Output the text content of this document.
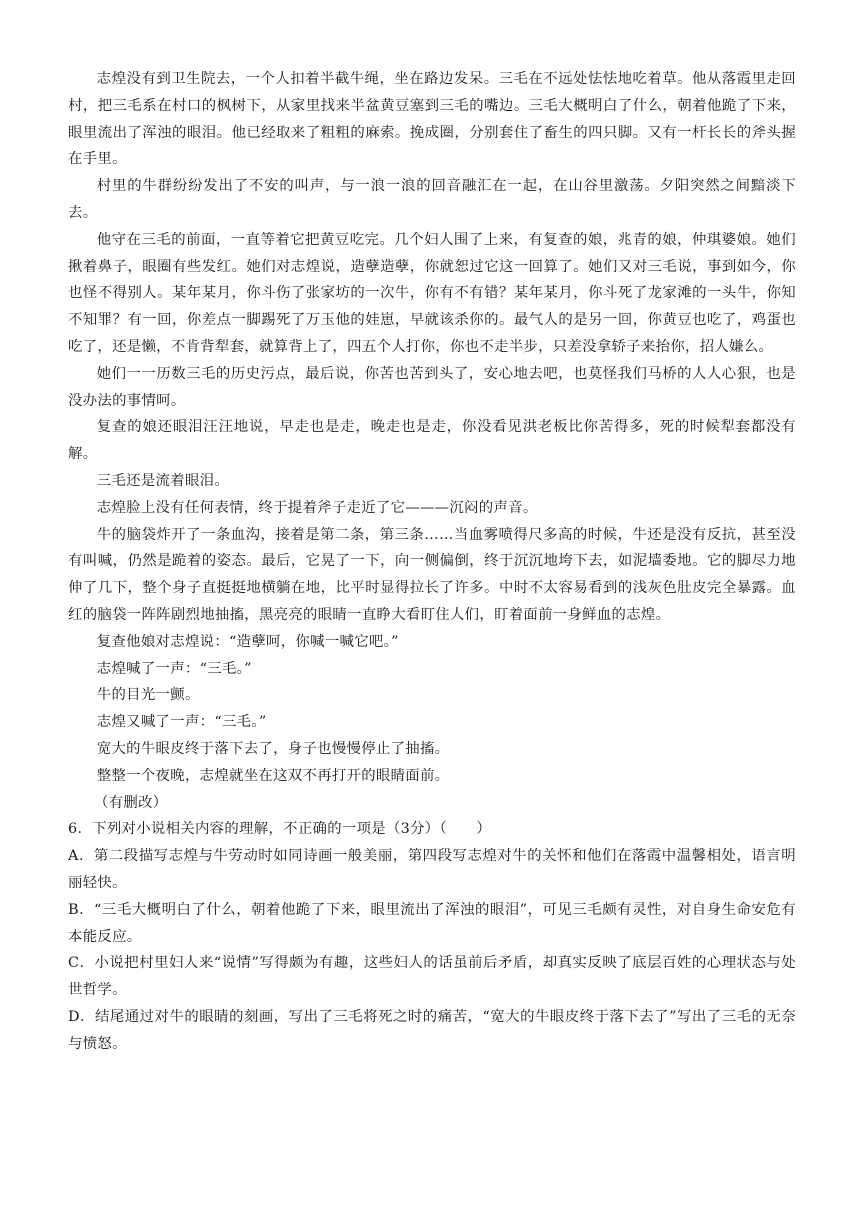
志煌没有到卫生院去，一个人扣着半截牛绳，坐在路边发呆。三毛在不远处怯怯地吃着草。他从落霞里走回村，把三毛系在村口的枫树下，从家里找来半盆黄豆塞到三毛的嘴边。三毛大概明白了什么，朝着他跪了下来，眼里流出了浑浊的眼泪。他已经取来了粗粗的麻索。挽成圈，分别套住了畜生的四只脚。又有一杆长长的斧头握在手里。

村里的牛群纷纷发出了不安的叫声，与一浪一浪的回音融汇在一起，在山谷里激荡。夕阳突然之间黯淡下去。

他守在三毛的前面，一直等着它把黄豆吃完。几个妇人围了上来，有复查的娘，兆青的娘，仲琪婆娘。她们揪着鼻子，眼圈有些发红。她们对志煌说，造孽造孽，你就恕过它这一回算了。她们又对三毛说，事到如今，你也怪不得别人。某年某月，你斗伤了张家坊的一次牛，你有不有错？某年某月，你斗死了龙家滩的一头牛，你知不知罪？有一回，你差点一脚踢死了万玉他的娃崽，早就该杀你的。最气人的是另一回，你黄豆也吃了，鸡蛋也吃了，还是懒，不肯背犁套，就算背上了，四五个人打你，你也不走半步，只差没拿轿子来抬你，招人嫌么。

她们一一历数三毛的历史污点，最后说，你苦也苦到头了，安心地去吧，也莫怪我们马桥的人人心狠，也是没办法的事情呵。

复查的娘还眼泪汪汪地说，早走也是走，晚走也是走，你没看见洪老板比你苦得多，死的时候犁套都没有解。

三毛还是流着眼泪。

志煌脸上没有任何表情，终于提着斧子走近了它———沉闷的声音。

牛的脑袋炸开了一条血沟，接着是第二条，第三条……当血雾喷得尺多高的时候，牛还是没有反抗，甚至没有叫喊，仍然是跪着的姿态。最后，它晃了一下，向一侧偏倒，终于沉沉地垮下去，如泥墙委地。它的脚尽力地伸了几下，整个身子直挺挺地横躺在地，比平时显得拉长了许多。中时不太容易看到的浅灰色肚皮完全暴露。血红的脑袋一阵阵剧烈地抽搐，黑亮亮的眼睛一直睁大看盯住人们，盯着面前一身鲜血的志煌。

复查他娘对志煌说：“造孽呵，你喊一喊它吧。”

志煌喊了一声：“三毛。”

牛的目光一颤。

志煌又喊了一声：“三毛。”

宽大的牛眼皮终于落下去了，身子也慢慢停止了抽搐。

整整一个夜晚，志煌就坐在这双不再打开的眼睛面前。

（有删改）

6．下列对小说相关内容的理解，不正确的一项是（3分）（　　）

A．第二段描写志煌与牛劳动时如同诗画一般美丽，第四段写志煌对牛的关怀和他们在落霞中温馨相处，语言明丽轻快。

B．“三毛大概明白了什么，朝着他跪了下来，眼里流出了浑浊的眼泪”，可见三毛颇有灵性，对自身生命安危有本能反应。

C．小说把村里妇人来“说情”写得颇为有趣，这些妇人的话虽前后矛盾，却真实反映了底层百姓的心理状态与处世哲学。

D．结尾通过对牛的眼睛的刻画，写出了三毛将死之时的痛苦，“宽大的牛眼皮终于落下去了”写出了三毛的无奈与愤怒。
